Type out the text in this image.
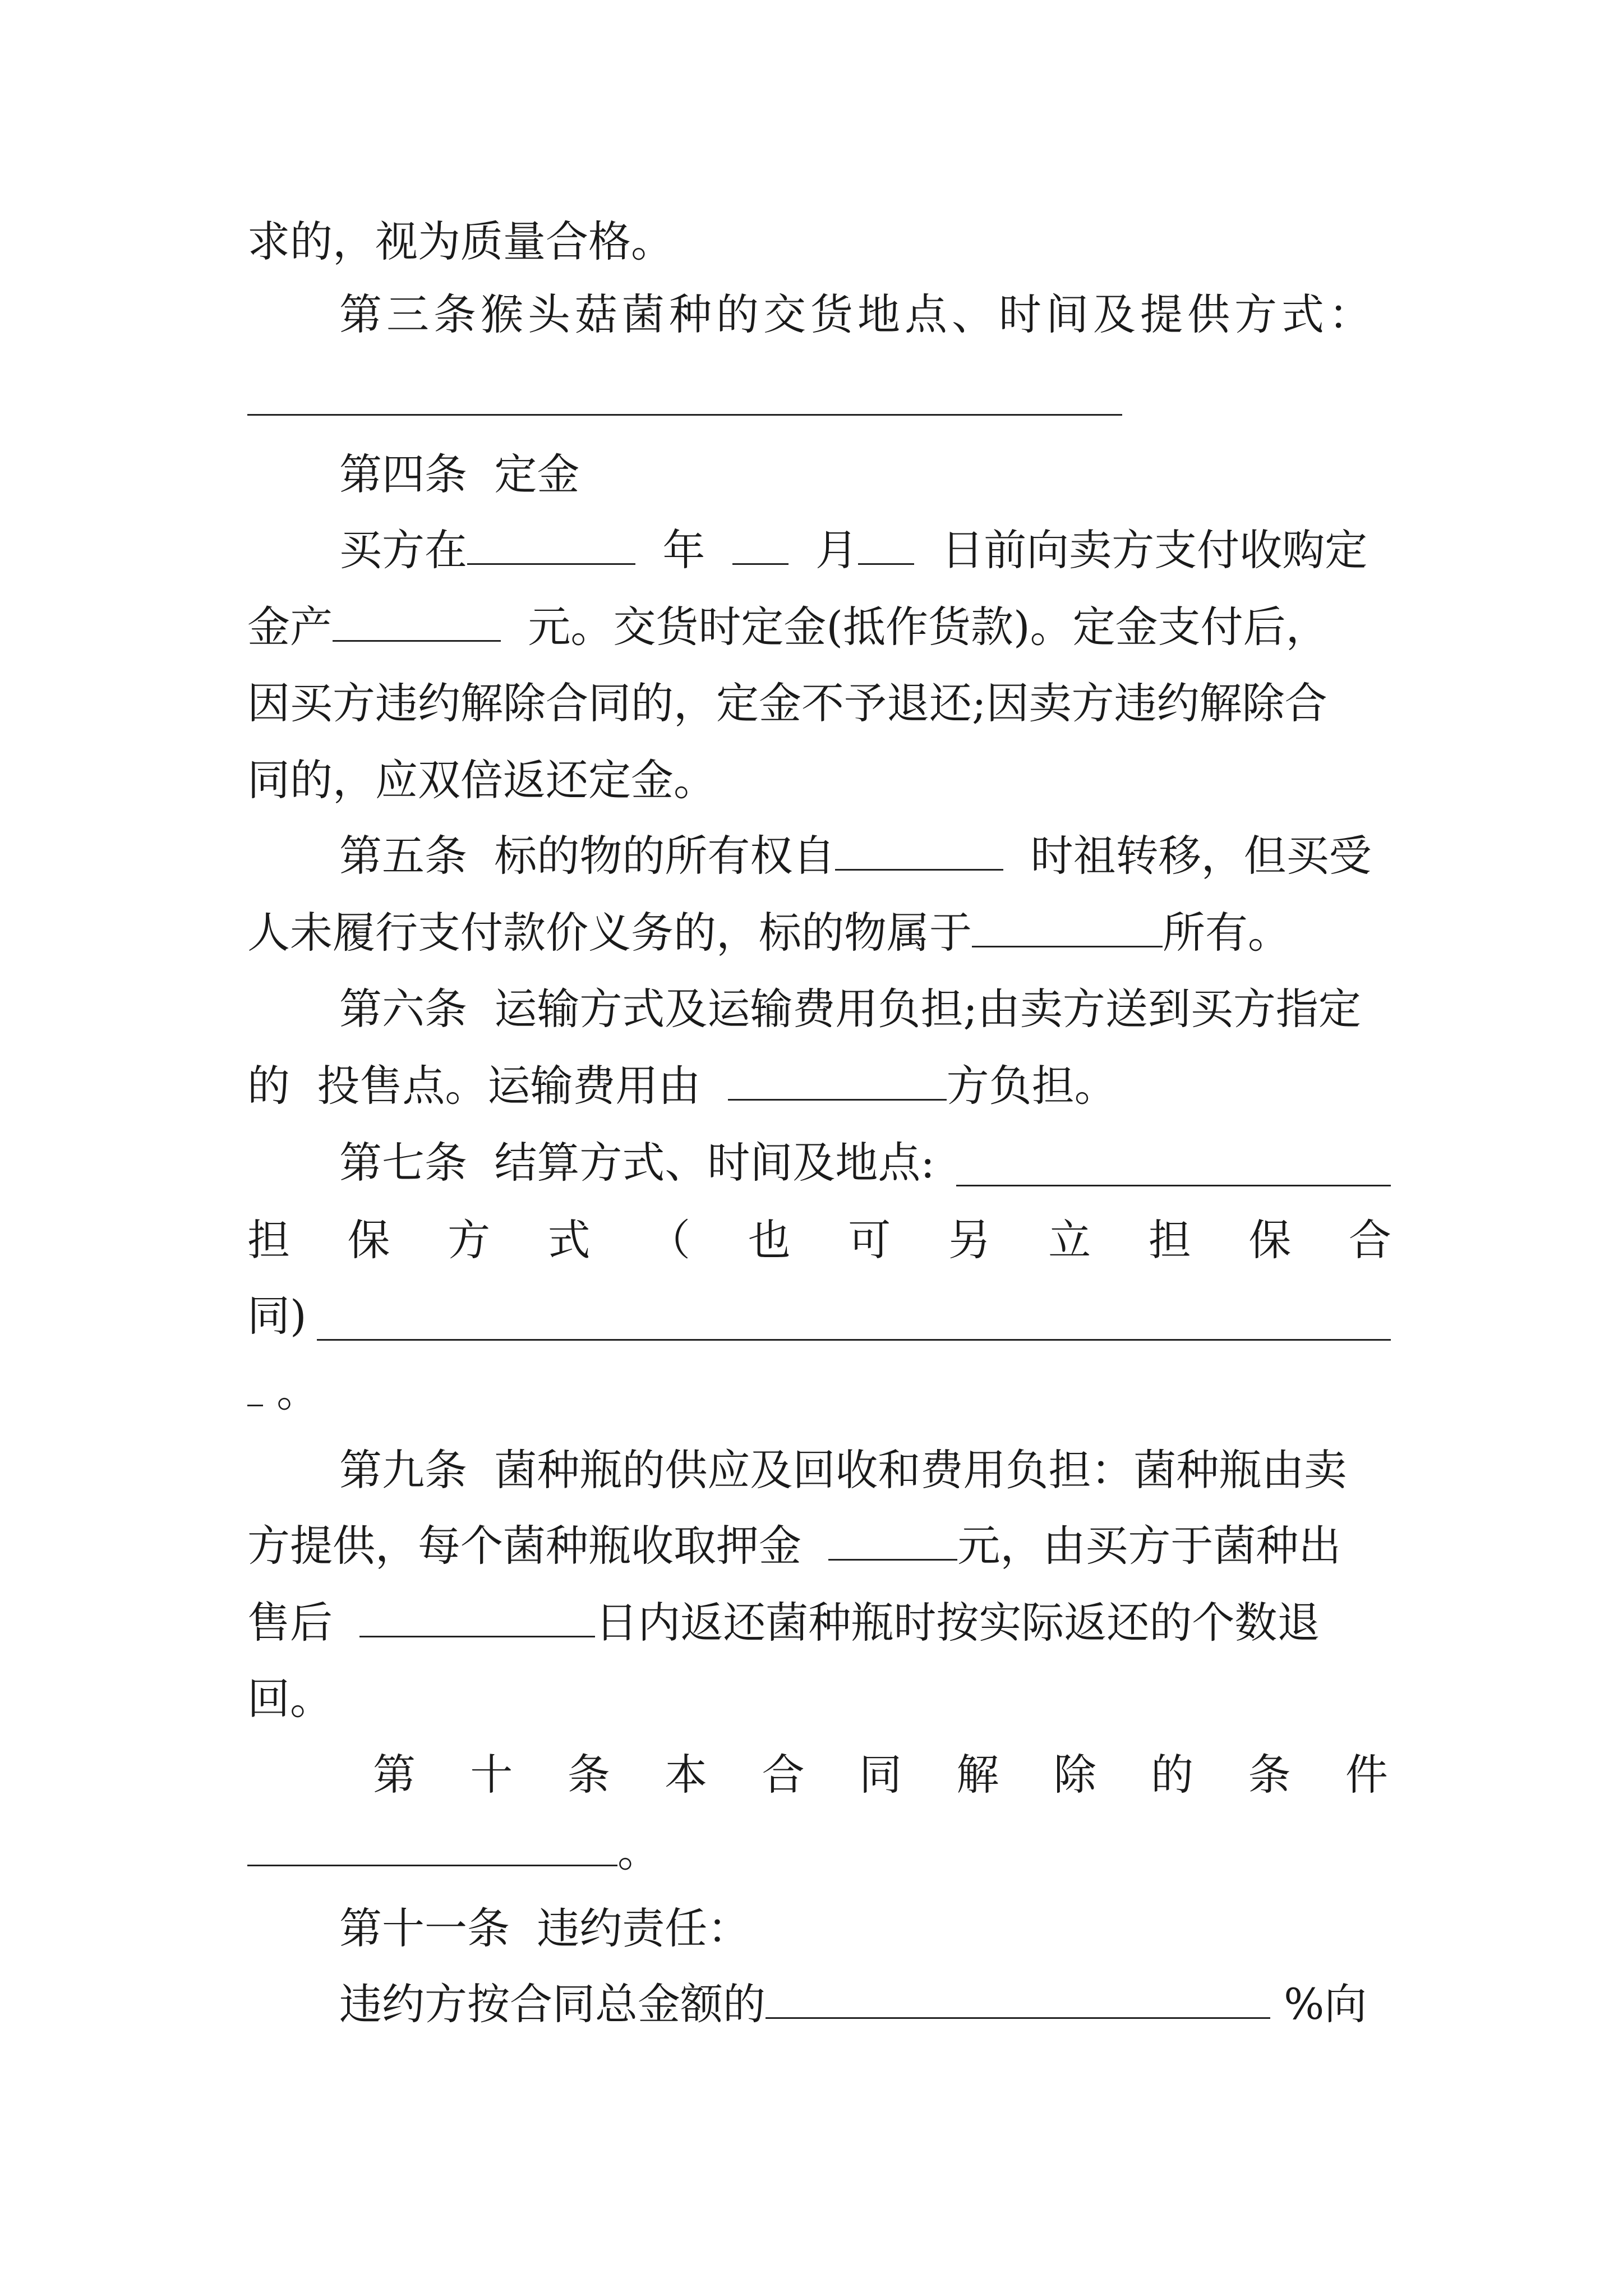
求的，视为质量合格。
第三条猴头菇菌种的交货地点、时间及提供方式：
第四条  定金
买方在	年	月 日前向卖方支付收购定
金产	元。交货时定金(抵作货款)。定金支付后，
因买方违约解除合同的，定金不予退还;因卖方违约解除合
同的，应双倍返还定金。
第五条  标的物的所有权自	时祖转移，但买受
人未履行支付款价义务的，标的物属于	所有。
第六条  运输方式及运输费用负担;由卖方送到买方指定
的  投售点。运输费用由	方负担。
第七条  结算方式、时间及地点:
担 保 方 式 （ 也 可 另 立 担 保 合
同)
。
第九条  菌种瓶的供应及回收和费用负担：菌种瓶由卖
方提供，每个菌种瓶收取押金	元，由买方于菌种出
售后	日内返还菌种瓶时按实际返还的个数退
回。
第 十 条 本 合 同 解 除 的 条 件
。
第十一条  违约责任：
违约方按合同总金额的	%向
